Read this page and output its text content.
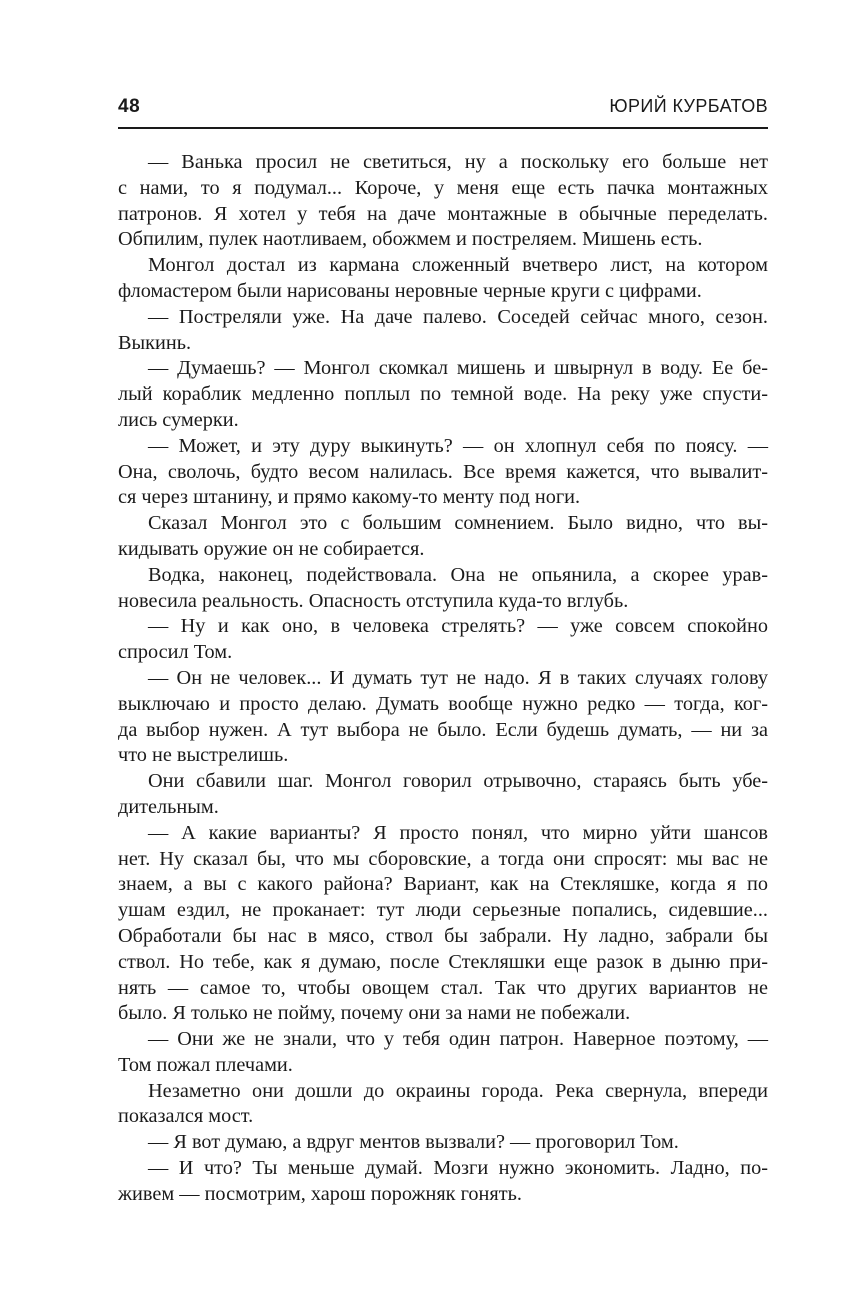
48	ЮРИЙ КУРБАТОВ
— Ванька просил не светиться, ну а поскольку его больше нет
с нами, то я подумал... Короче, у меня еще есть пачка монтажных
патронов. Я хотел у тебя на даче монтажные в обычные переделать.
Обпилим, пулек наотливаем, обожмем и постреляем. Мишень есть.
Монгол достал из кармана сложенный вчетверо лист, на котором
фломастером были нарисованы неровные черные круги с цифрами.
— Постреляли уже. На даче палево. Соседей сейчас много, сезон.
Выкинь.
— Думаешь? — Монгол скомкал мишень и швырнул в воду. Ее бе-
лый кораблик медленно поплыл по темной воде. На реку уже спусти-
лись сумерки.
— Может, и эту дуру выкинуть? — он хлопнул себя по поясу. —
Она, сволочь, будто весом налилась. Все время кажется, что вывалит-
ся через штанину, и прямо какому-то менту под ноги.
Сказал Монгол это с большим сомнением. Было видно, что вы-
кидывать оружие он не собирается.
Водка, наконец, подействовала. Она не опьянила, а скорее урав-
новесила реальность. Опасность отступила куда-то вглубь.
— Ну и как оно, в человека стрелять? — уже совсем спокойно
спросил Том.
— Он не человек... И думать тут не надо. Я в таких случаях голову
выключаю и просто делаю. Думать вообще нужно редко — тогда, ког-
да выбор нужен. А тут выбора не было. Если будешь думать, — ни за
что не выстрелишь.
Они сбавили шаг. Монгол говорил отрывочно, стараясь быть убе-
дительным.
— А какие варианты? Я просто понял, что мирно уйти шансов
нет. Ну сказал бы, что мы сборовские, а тогда они спросят: мы вас не
знаем, а вы с какого района? Вариант, как на Стекляшке, когда я по
ушам ездил, не проканает: тут люди серьезные попались, сидевшие...
Обработали бы нас в мясо, ствол бы забрали. Ну ладно, забрали бы
ствол. Но тебе, как я думаю, после Стекляшки еще разок в дыню при-
нять — самое то, чтобы овощем стал. Так что других вариантов не
было. Я только не пойму, почему они за нами не побежали.
— Они же не знали, что у тебя один патрон. Наверное поэтому, —
Том пожал плечами.
Незаметно они дошли до окраины города. Река свернула, впереди
показался мост.
— Я вот думаю, а вдруг ментов вызвали? — проговорил Том.
— И что? Ты меньше думай. Мозги нужно экономить. Ладно, по-
живем — посмотрим, харош порожняк гонять.
